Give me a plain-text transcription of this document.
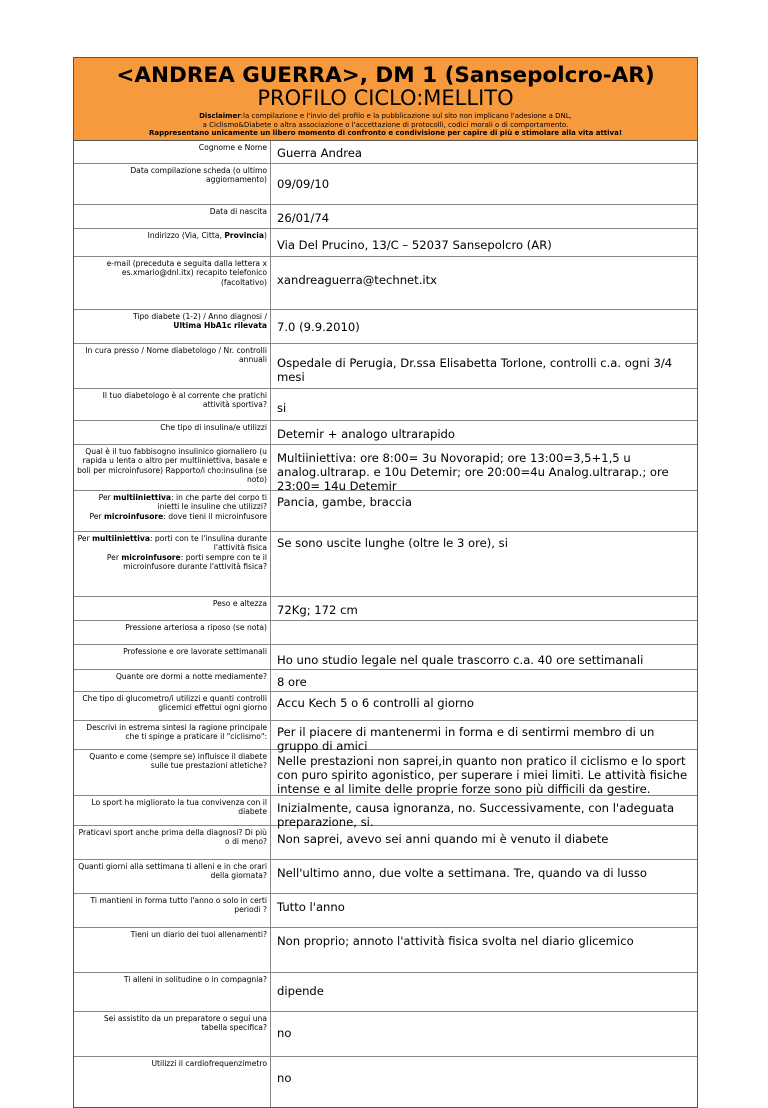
<ANDREA GUERRA>, DM 1 (Sansepolcro-AR)
PROFILO CICLO:MELLITO
Disclaimer:la compilazione e l'invio del profilo e la pubblicazione sul sito non implicano l'adesione a DNL,
a Ciclismo&Diabete o altra associazione o l'accettazione di protocolli, codici morali o di comportamento.
Rappresentano unicamente un libero momento di confronto e condivisione per capire di più e stimolare alla vita attiva!
Cognome e Nome Guerra Andrea
Data compilazione scheda (o ultimo aggiornamento) 09/09/10
Data di nascita 26/01/74
Indirizzo (Via, Citta, Provincia)
Via Del Prucino, 13/C – 52037 Sansepolcro (AR)
e-mail (preceduta e seguita dalla lettera x es.xmario@dnl.itx) recapito telefonico (facoltativo) xandreaguerra@technet.itx
Tipo diabete (1-2) / Anno diagnosi /
Ultima HbA1c rilevata 7.0 (9.9.2010)
In cura presso / Nome diabetologo / Nr. controlli annuali Ospedale di Perugia, Dr.ssa Elisabetta Torlone, controlli c.a. ogni 3/4 mesi
Il tuo diabetologo è al corrente che pratichi attività sportiva? si
Che tipo di insulina/e utilizzi Detemir + analogo ultrarapido
Qual è il tuo fabbisogno insulinico giornaliero (u rapida u lenta o altro per multiiniettiva, basale e boli per microinfusore) Rapporto/i cho:insulina (se noto)
Multiiniettiva: ore 8:00= 3u Novorapid; ore 13:00=3,5+1,5 u analog.ultrarap. e 10u Detemir; ore 20:00=4u Analog.ultrarap.; ore 23:00= 14u Detemir
Per multiiniettiva: in che parte del corpo ti inietti le insuline che utilizzi?
Per microinfusore: dove tieni il microinfusore
Pancia, gambe, braccia
Per multiiniettiva: porti con te l'insulina durante l'attività fisica
Per microinfusore: porti sempre con te il microinfusore durante l'attività fisica?
Se sono uscite lunghe (oltre le 3 ore), si
Peso e altezza 72Kg; 172 cm
Pressione arteriosa a riposo (se nota)
Professione e ore lavorate settimanali
Ho uno studio legale nel quale trascorro c.a. 40 ore settimanali
Quante ore dormi a notte mediamente? 8 ore
Che tipo di glucometro/i utilizzi e quanti controlli glicemici effettui ogni giorno Accu Kech 5 o 6 controlli al giorno
Descrivi in estrema sintesi la ragione principale che ti spinge a praticare il "ciclismo": Per il piacere di mantenermi in forma e di sentirmi membro di un gruppo di amici
Quanto e come (sempre se) influisce il diabete sulle tue prestazioni atletiche? Nelle prestazioni non saprei,in quanto non pratico il ciclismo e lo sport con puro spirito agonistico, per superare i miei limiti. Le attività fisiche intense e al limite delle proprie forze sono più difficili da gestire.
Lo sport ha migliorato la tua convivenza con il diabete Inizialmente, causa ignoranza, no. Successivamente, con l'adeguata preparazione, si.
Praticavi sport anche prima della diagnosi? Di più o di meno? Non saprei, avevo sei anni quando mi è venuto il diabete
Quanti giorni alla settimana ti alleni e in che orari della giornata? Nell'ultimo anno, due volte a settimana. Tre, quando va di lusso
Ti mantieni in forma tutto l'anno o solo in certi periodi ? Tutto l'anno
Tieni un diario dei tuoi allenamenti? Non proprio; annoto l'attività fisica svolta nel diario glicemico
Ti alleni in solitudine o in compagnia?
dipende
Sei assistito da un preparatore o segui una tabella specifica? no
Utilizzi il cardiofrequenzimetro
no
